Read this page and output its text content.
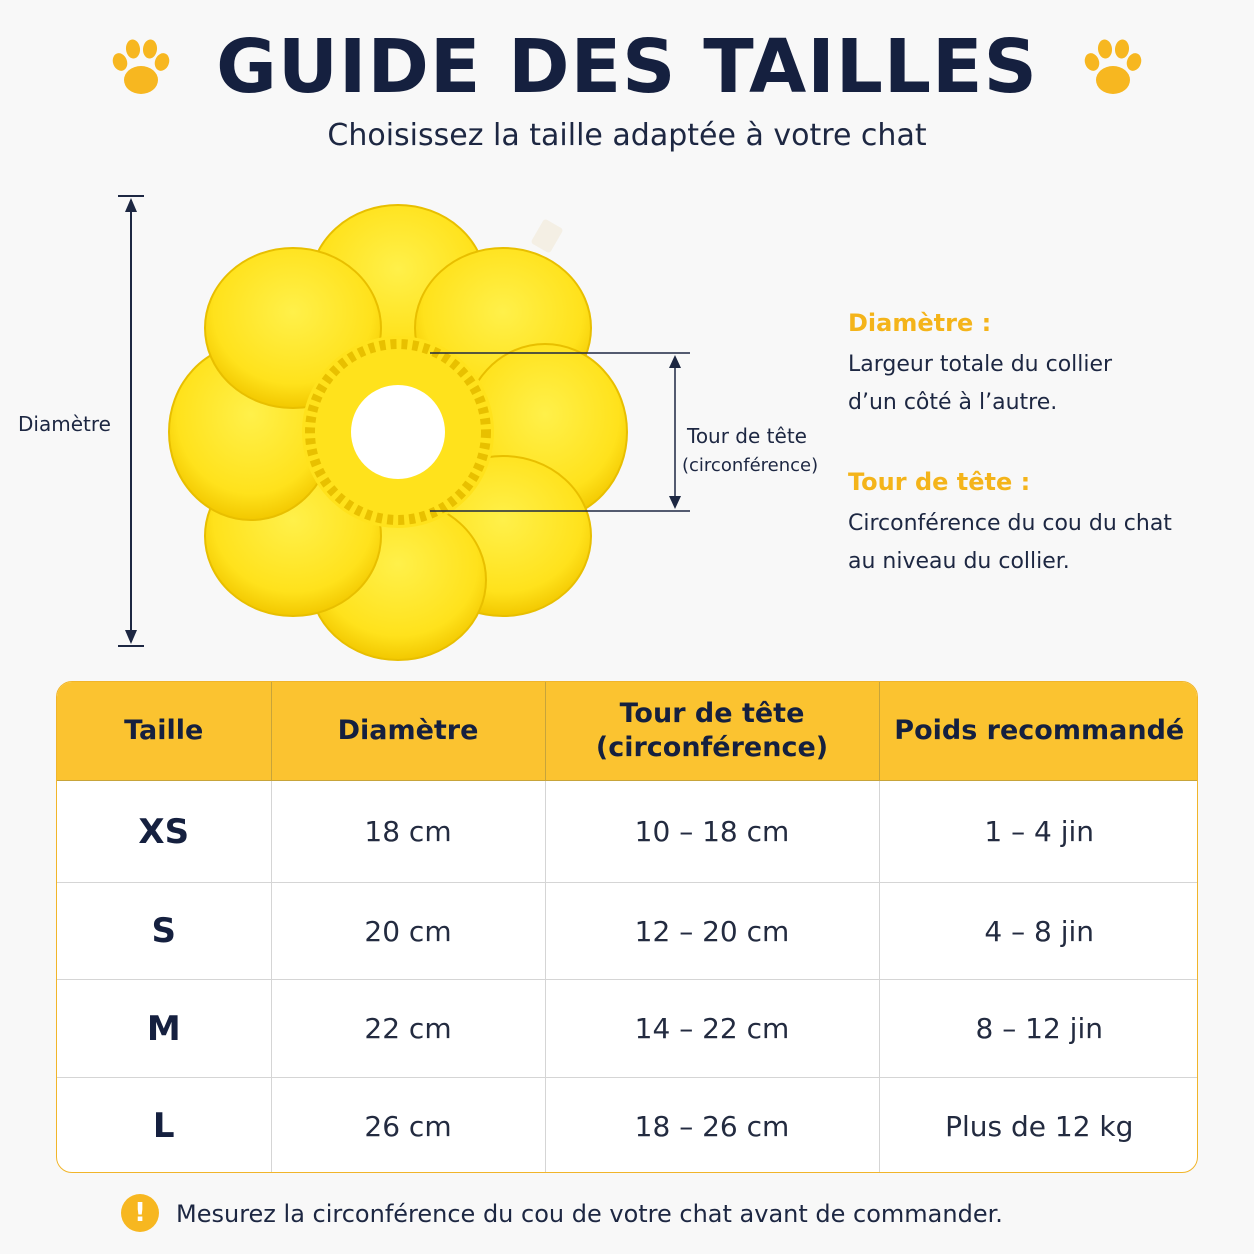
GUIDE DES TAILLES
Choisissez la taille adaptée à votre chat
Diamètre	Tour de tête
(circonférence)
Diamètre :
Largeur totale du collier
d’un côté à l’autre.
Tour de tête :
Circonférence du cou du chat
au niveau du collier.
Taille	Diamètre	Tour de tête
(circonférence)	Poids recommandé
XS	18 cm	10 – 18 cm	1 – 4 jin
S	20 cm	12 – 20 cm	4 – 8 jin
M	22 cm	14 – 22 cm	8 – 12 jin
L	26 cm	18 – 26 cm	Plus de 12 kg
!	Mesurez la circonférence du cou de votre chat avant de commander.
